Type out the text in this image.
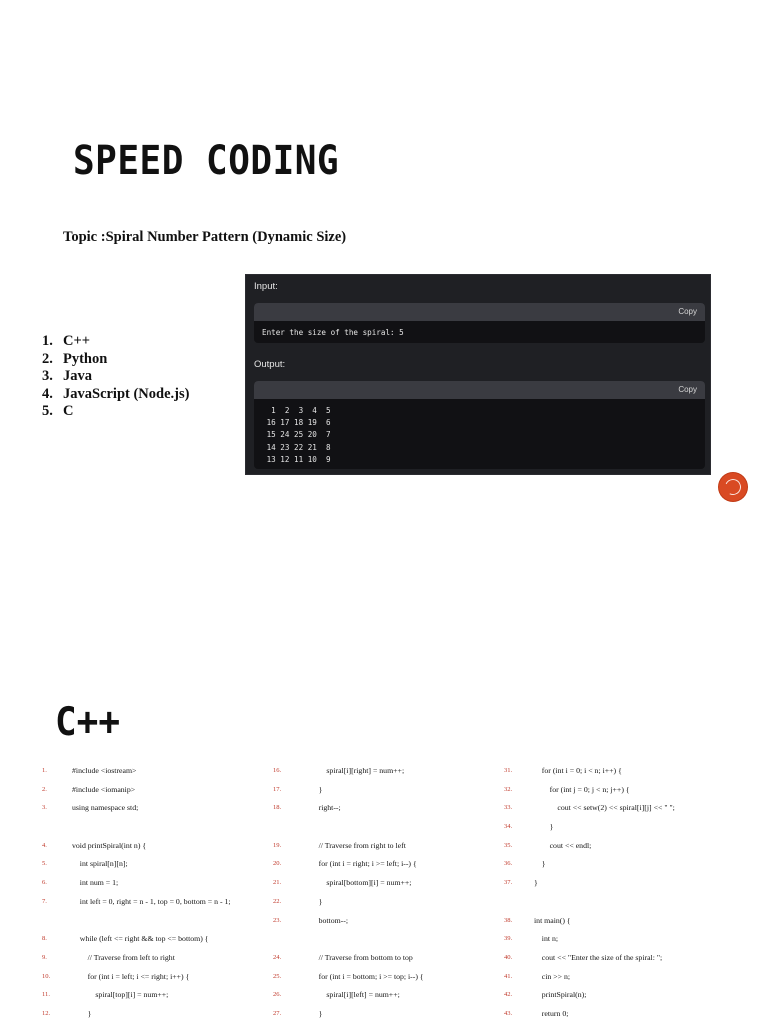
SPEED CODING
Topic :Spiral Number Pattern (Dynamic Size)
1. C++
2. Python
3. Java
4. JavaScript (Node.js)
5. C
Input:
Copy
Enter the size of the spiral: 5
Output:
Copy
1  2  3  4  5
16 17 18 19  6
15 24 25 20  7
14 23 22 21  8
13 12 11 10  9
C++
1.	#include <iostream>
2.	#include <iomanip>
3.	using namespace std;
4.	void printSpiral(int n) {
5.	int spiral[n][n];
6.	int num = 1;
7.	int left = 0, right = n - 1, top = 0, bottom = n - 1;
8.	while (left <= right && top <= bottom) {
9.	// Traverse from left to right
10.	for (int i = left; i <= right; i++) {
11.	spiral[top][i] = num++;
12.	}
16.	spiral[i][right] = num++;
17.	}
18.	right--;
19.	// Traverse from right to left
20.	for (int i = right; i >= left; i--) {
21.	spiral[bottom][i] = num++;
22.	}
23.	bottom--;
24.	// Traverse from bottom to top
25.	for (int i = bottom; i >= top; i--) {
26.	spiral[i][left] = num++;
27.	}
31.	for (int i = 0; i < n; i++) {
32.	for (int j = 0; j < n; j++) {
33.	cout << setw(2) << spiral[i][j] << " ";
34.	}
35.	cout << endl;
36.	}
37.	}
38.	int main() {
39.	int n;
40.	cout << "Enter the size of the spiral: ";
41.	cin >> n;
42.	printSpiral(n);
43.	return 0;
